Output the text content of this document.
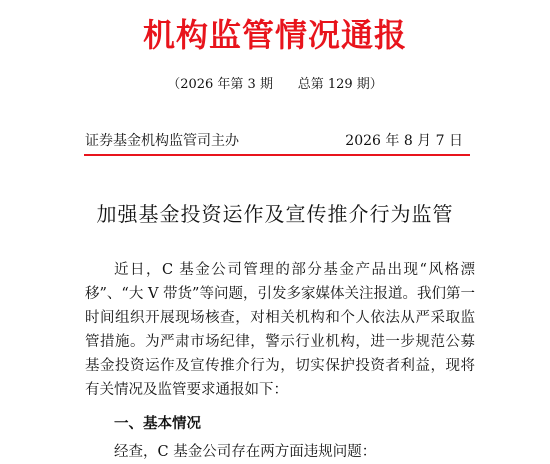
机构监管情况通报
（2026 年第 3 期      总第 129 期）
证券基金机构监管司主办	2026 年 8 月 7 日
加强基金投资运作及宣传推介行为监管
近日，C 基金公司管理的部分基金产品出现“风格漂移”、“大 V 带货”等问题，引发多家媒体关注报道。我们第一时间组织开展现场核查，对相关机构和个人依法从严采取监管措施。为严肃市场纪律，警示行业机构，进一步规范公募基金投资运作及宣传推介行为，切实保护投资者利益，现将有关情况及监管要求通报如下：
一、基本情况
经查，C 基金公司存在两方面违规问题：
